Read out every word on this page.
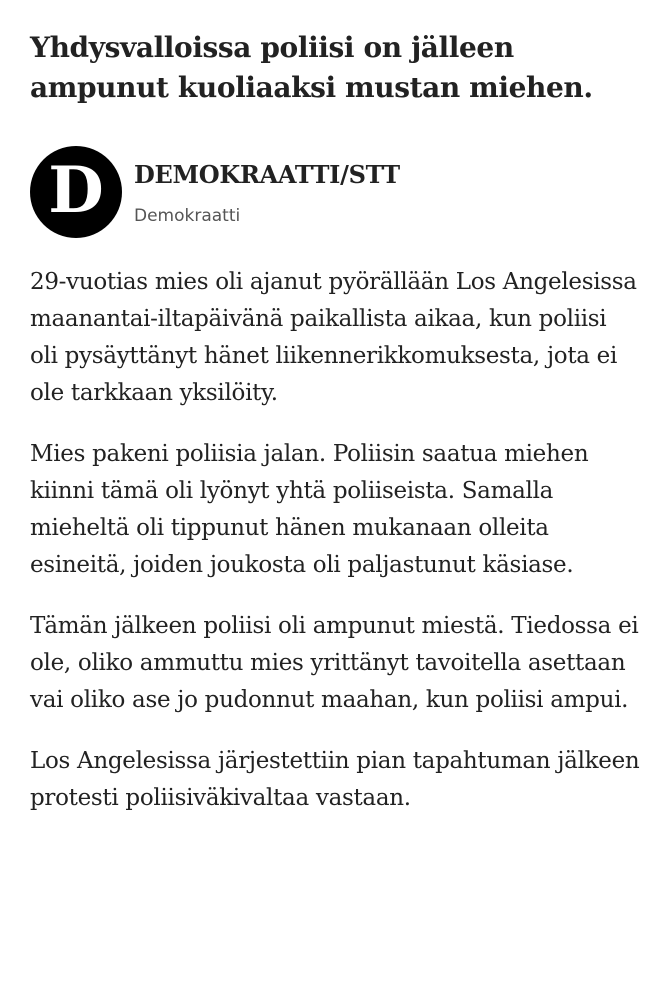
Yhdysvalloissa poliisi on jälleen ampunut kuoliaaksi mustan miehen.
D DEMOKRAATTI/STT
Demokraatti

29-vuotias mies oli ajanut pyörällään Los Angelesissa maanantai-iltapäivänä paikallista aikaa, kun poliisi oli pysäyttänyt hänet liikennerikkomuksesta, jota ei ole tarkkaan yksilöity.

Mies pakeni poliisia jalan. Poliisin saatua miehen kiinni tämä oli lyönyt yhtä poliiseista. Samalla mieheltä oli tippunut hänen mukanaan olleita esineitä, joiden joukosta oli paljastunut käsiase.

Tämän jälkeen poliisi oli ampunut miestä. Tiedossa ei ole, oliko ammuttu mies yrittänyt tavoitella asettaan vai oliko ase jo pudonnut maahan, kun poliisi ampui.

Los Angelesissa järjestettiin pian tapahtuman jälkeen protesti poliisiväkivaltaa vastaan.
